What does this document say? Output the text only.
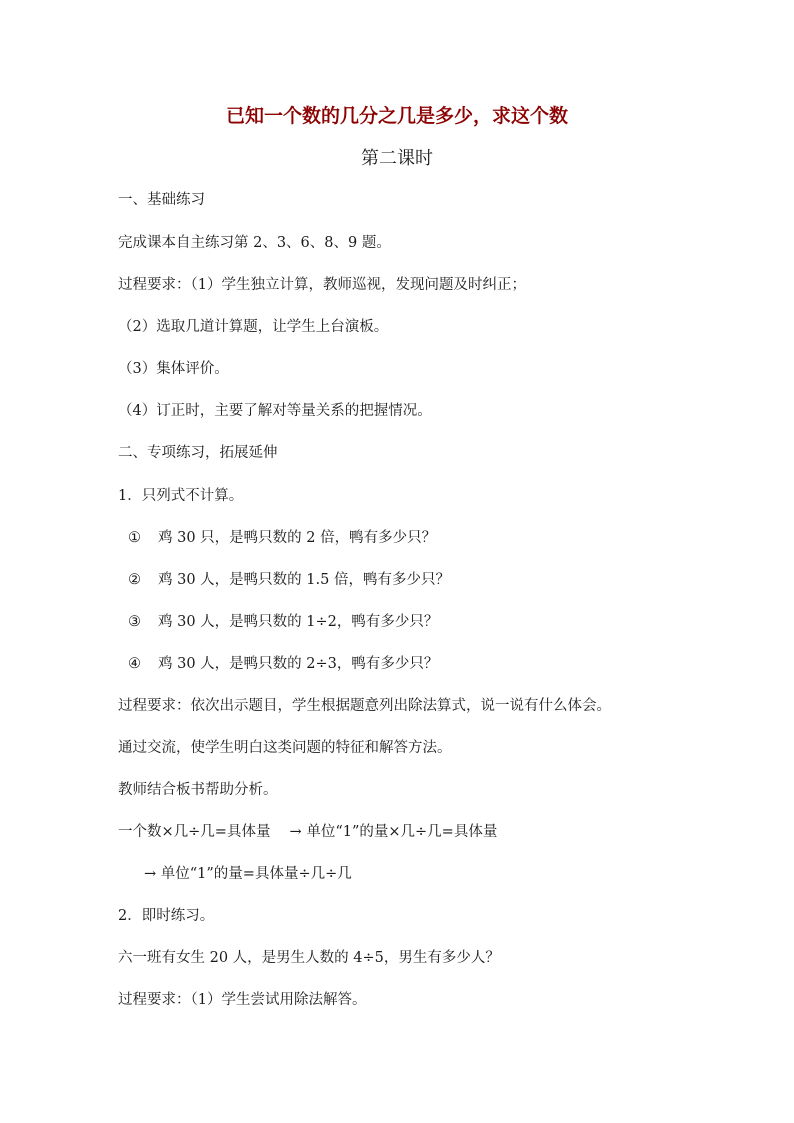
已知一个数的几分之几是多少，求这个数
第二课时
一、基础练习
完成课本自主练习第 2、3、6、8、9 题。
过程要求：（1）学生独立计算，教师巡视，发现问题及时纠正；
（2）选取几道计算题，让学生上台演板。
（3）集体评价。
（4）订正时，主要了解对等量关系的把握情况。
二、专项练习，拓展延伸
1．只列式不计算。
① 鸡 30 只，是鸭只数的 2 倍，鸭有多少只？
② 鸡 30 人，是鸭只数的 1.5 倍，鸭有多少只？
③ 鸡 30 人，是鸭只数的 1÷2，鸭有多少只？
④ 鸡 30 人，是鸭只数的 2÷3，鸭有多少只？
过程要求：依次出示题目，学生根据题意列出除法算式，说一说有什么体会。
通过交流，使学生明白这类问题的特征和解答方法。
教师结合板书帮助分析。
一个数×几÷几=具体量　 → 单位“1”的量×几÷几=具体量
→ 单位“1”的量=具体量÷几÷几
2．即时练习。
六一班有女生 20 人，是男生人数的 4÷5，男生有多少人？
过程要求：（1）学生尝试用除法解答。
